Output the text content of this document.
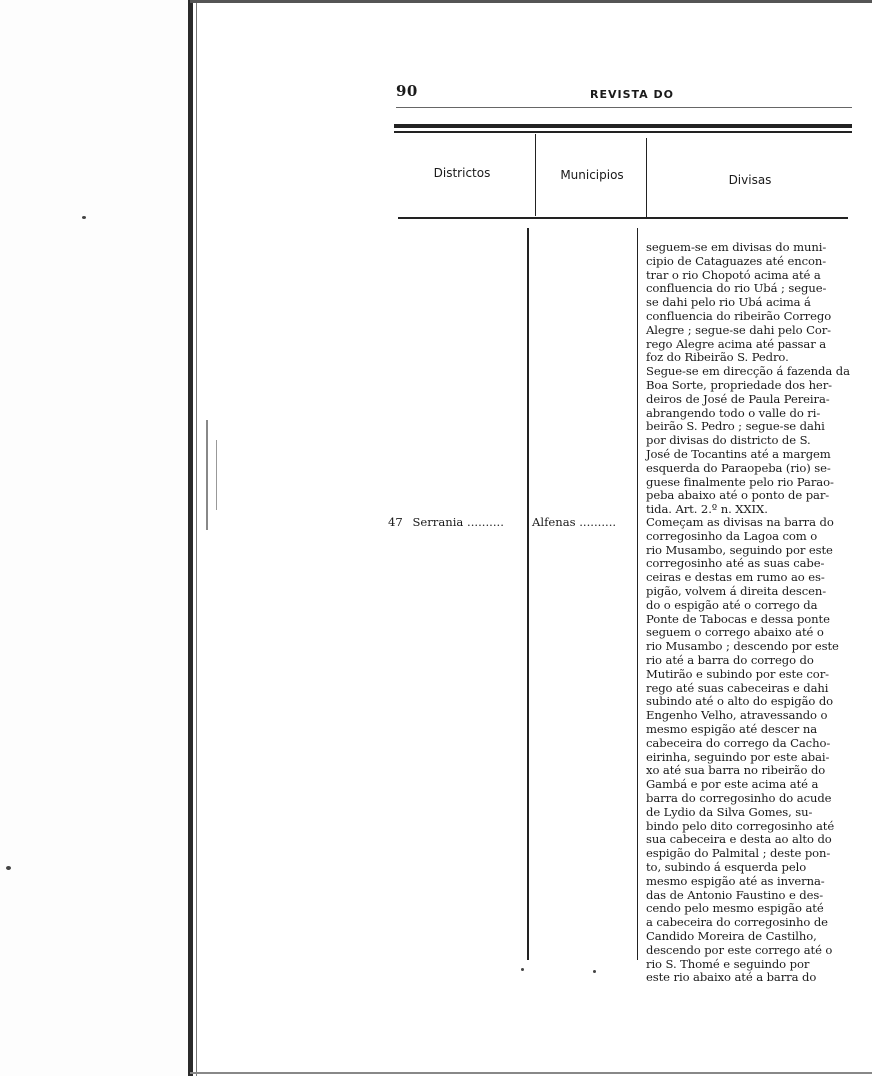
90	REVISTA DO
Districtos	Municipios	Divisas
seguem-se em divisas do muni-
cipio de Cataguazes até encon-
trar o rio Chopotó acima até a
confluencia do rio Ubá ; segue-
se dahi pelo rio Ubá acima á
confluencia do ribeirão Corrego
Alegre ; segue-se dahi pelo Cor-
rego Alegre acima até passar a
foz do Ribeirão S. Pedro.
Segue-se em direcção á fazenda da
Boa Sorte, propriedade dos her-
deiros de José de Paula Pereira-
abrangendo todo o valle do ri-
beirão S. Pedro ; segue-se dahi
por divisas do districto de S.
José de Tocantins até a margem
esquerda do Paraopeba (rio) se-
guese finalmente pelo rio Parao-
peba abaixo até o ponto de par-
tida. Art. 2.º n. XXIX.
47 Serrania .......... Alfenas ..........	Começam as divisas na barra do
corregosinho da Lagoa com o
rio Musambo, seguindo por este
corregosinho até as suas cabe-
ceiras e destas em rumo ao es-
pigão, volvem á direita descen-
do o espigão até o corrego da
Ponte de Tabocas e dessa ponte
seguem o corrego abaixo até o
rio Musambo ; descendo por este
rio até a barra do corrego do
Mutirão e subindo por este cor-
rego até suas cabeceiras e dahi
subindo até o alto do espigão do
Engenho Velho, atravessando o
mesmo espigão até descer na
cabeceira do corrego da Cacho-
eirinha, seguindo por este abai-
xo até sua barra no ribeirão do
Gambá e por este acima até a
barra do corregosinho do acude
de Lydio da Silva Gomes, su-
bindo pelo dito corregosinho até
sua cabeceira e desta ao alto do
espigão do Palmital ; deste pon-
to, subindo á esquerda pelo
mesmo espigão até as invernа-
das de Antonio Faustino e des-
cendo pelo mesmo espigão até
a cabeceira do corregosinho de
Candido Moreira de Castilho,
descendo por este corrego até o
rio S. Thomé e seguindo por
este rio abaixo até a barra do
